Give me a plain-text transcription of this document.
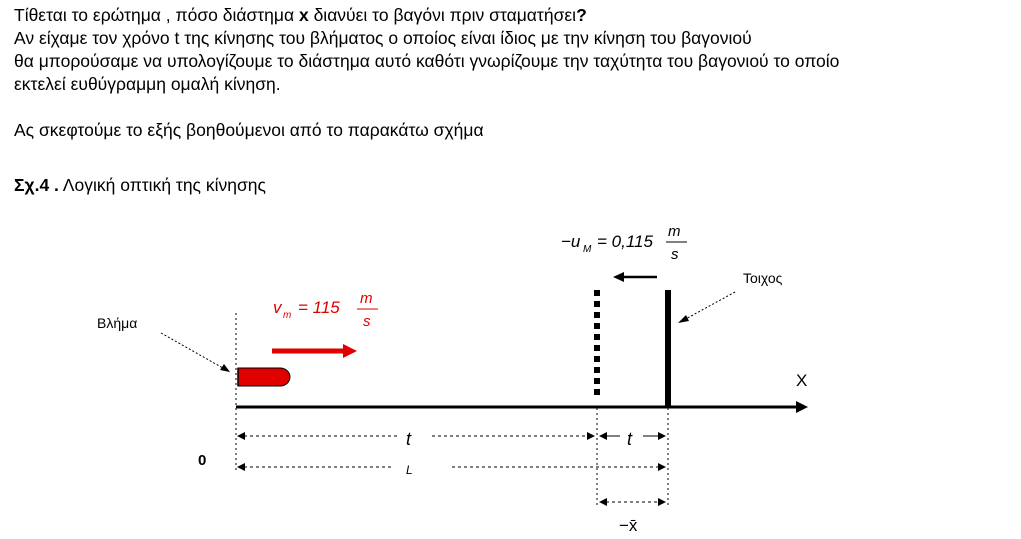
Τίθεται το ερώτημα , πόσο διάστημα x διανύει το βαγόνι πριν σταματήσει?

Αν είχαμε τον χρόνο t της κίνησης του βλήματος ο οποίος είναι ίδιος με την κίνηση του βαγονιού

θα μπορούσαμε να υπολογίζουμε το διάστημα αυτό καθότι γνωρίζουμε την ταχύτητα του βαγονιού το οποίο

εκτελεί ευθύγραμμη ομαλή κίνηση.

Ας σκεφτούμε το εξής βοηθούμενοι από το παρακάτω σχήμα

Σχ.4 . Λογική οπτική της κίνησης
X
0
Βλήμα
v m = 115 m
s
−u M = 0,115
m
s
Τοιχος
t	t
L
−x̄
